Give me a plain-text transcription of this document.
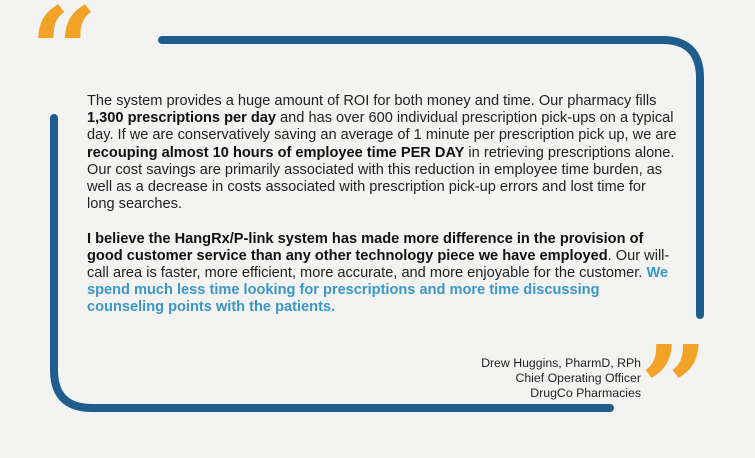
“
”

The system provides a huge amount of ROI for both money and time. Our pharmacy fills 1,300 prescriptions per day and has over 600 individual prescription pick-ups on a typical day. If we are conservatively saving an average of 1 minute per prescription pick up, we are recouping almost 10 hours of employee time PER DAY in retrieving prescriptions alone. Our cost savings are primarily associated with this reduction in employee time burden, as well as a decrease in costs associated with prescription pick-up errors and lost time for long searches.

I believe the HangRx/P-link system has made more difference in the provision of good customer service than any other technology piece we have employed. Our will-call area is faster, more efficient, more accurate, and more enjoyable for the customer. We spend much less time looking for prescriptions and more time discussing counseling points with the patients.

Drew Huggins, PharmD, RPh
Chief Operating Officer
DrugCo Pharmacies
